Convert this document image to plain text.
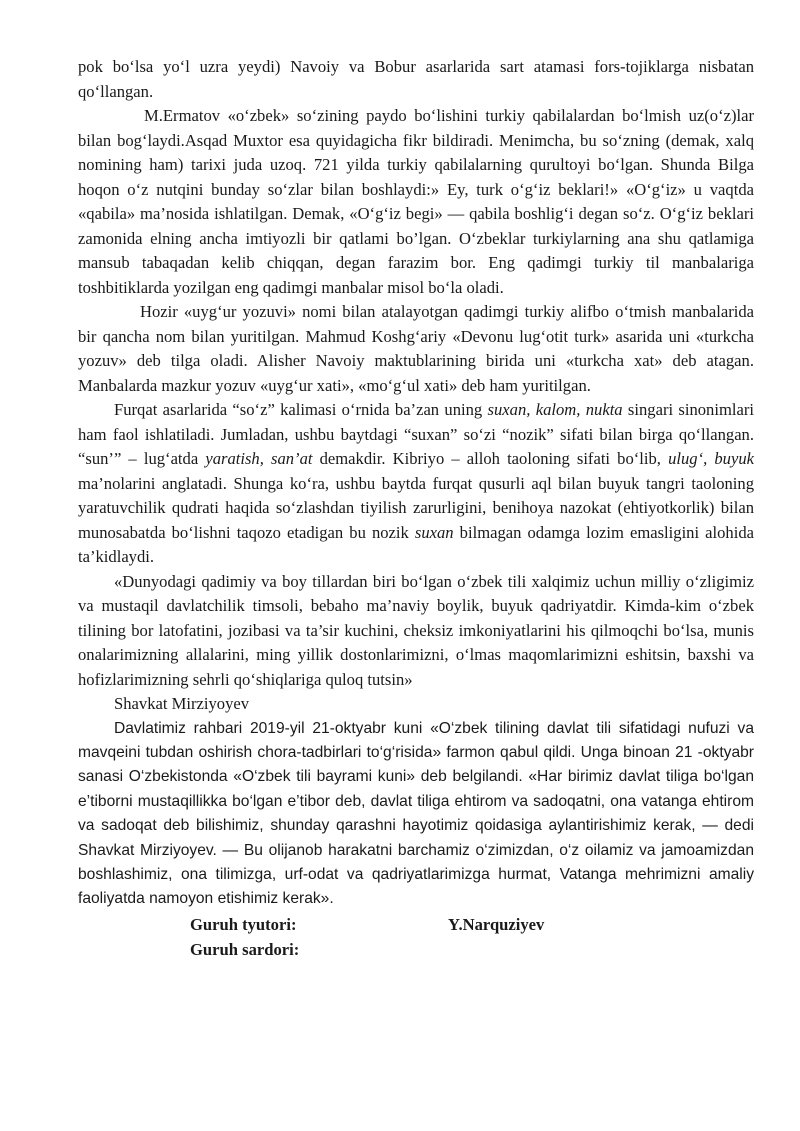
pok bo‘lsa yo‘l uzra yeydi) Navoiy va Bobur asarlarida sart atamasi fors-tojiklarga nisbatan qo‘llangan.

M.Ermatov «o‘zbek» so‘zining paydo bo‘lishini turkiy qabilalardan bo‘lmish uz(o‘z)lar bilan bog‘laydi.Asqad Muxtor esa quyidagicha fikr bildiradi. Menimcha, bu so‘zning (demak, xalq nomining ham) tarixi juda uzoq. 721 yilda turkiy qabilalarning qurultoyi bo‘lgan. Shunda Bilga hoqon o‘z nutqini bunday so‘zlar bilan boshlaydi:» Ey, turk o‘g‘iz beklari!» «O‘g‘iz» u vaqtda «qabila» ma’nosida ishlatilgan. Demak, «O‘g‘iz begi» — qabila boshlig‘i degan so‘z. O‘g‘iz beklari zamonida elning ancha imtiyozli bir qatlami bo’lgan. O‘zbeklar turkiylarning ana shu qatlamiga mansub tabaqadan kelib chiqqan, degan farazim bor. Eng qadimgi turkiy til manbalariga toshbitiklarda yozilgan eng qadimgi manbalar misol bo‘la oladi.

Hozir «uyg‘ur yozuvi» nomi bilan atalayotgan qadimgi turkiy alifbo o‘tmish manbalarida bir qancha nom bilan yuritilgan. Mahmud Koshg‘ariy «Devonu lug‘otit turk» asarida uni «turkcha yozuv» deb tilga oladi. Alisher Navoiy maktublarining birida uni «turkcha xat» deb atagan. Manbalarda mazkur yozuv «uyg‘ur xati», «mo‘g‘ul xati» deb ham yuritilgan.

Furqat asarlarida “so‘z” kalimasi o‘rnida ba’zan uning suxan, kalom, nukta singari sinonimlari ham faol ishlatiladi. Jumladan, ushbu baytdagi “suxan” so‘zi “nozik” sifati bilan birga qo‘llangan. “sun’” – lug‘atda yaratish, san’at demakdir. Kibriyo – alloh taoloning sifati bo‘lib, ulug‘, buyuk ma’nolarini anglatadi. Shunga ko‘ra, ushbu baytda furqat qusurli aql bilan buyuk tangri taoloning yaratuvchilik qudrati haqida so‘zlashdan tiyilish zarurligini, benihoya nazokat (ehtiyotkorlik) bilan munosabatda bo‘lishni taqozo etadigan bu nozik suxan bilmagan odamga lozim emasligini alohida ta’kidlaydi.

«Dunyodagi qadimiy va boy tillardan biri bo‘lgan o‘zbek tili xalqimiz uchun milliy o‘zligimiz va mustaqil davlatchilik timsoli, bebaho ma’naviy boylik, buyuk qadriyatdir. Kimda-kim o‘zbek tilining bor latofatini, jozibasi va ta’sir kuchini, cheksiz imkoniyatlarini his qilmoqchi bo‘lsa, munis onalarimizning allalarini, ming yillik dostonlarimizni, o‘lmas maqomlarimizni eshitsin, baxshi va hofizlarimizning sehrli qo‘shiqlariga quloq tutsin»

Shavkat Mirziyoyev

Davlatimiz rahbari 2019-yil 21-oktyabr kuni «O‘zbek tilining davlat tili sifatidagi nufuzi va mavqeini tubdan oshirish chora-tadbirlari to‘g‘risida» farmon qabul qildi. Unga binoan 21 -oktyabr sanasi O‘zbekistonda «O‘zbek tili bayrami kuni» deb belgilandi. «Har birimiz davlat tiliga bo‘lgan e’tiborni mustaqillikka bo‘lgan e’tibor deb, davlat tiliga ehtirom va sadoqatni, ona vatanga ehtirom va sadoqat deb bilishimiz, shunday qarashni hayotimiz qoidasiga aylantirishimiz kerak, — dedi Shavkat Mirziyoyev. — Bu olijanob harakatni barchamiz o‘zimizdan, o‘z oilamiz va jamoamizdan boshlashimiz, ona tilimizga, urf-odat va qadriyatlarimizga hurmat, Vatanga mehrimizni amaliy faoliyatda namoyon etishimiz kerak».

Guruh tyutori:	Y.Narquziyev
Guruh sardori:
